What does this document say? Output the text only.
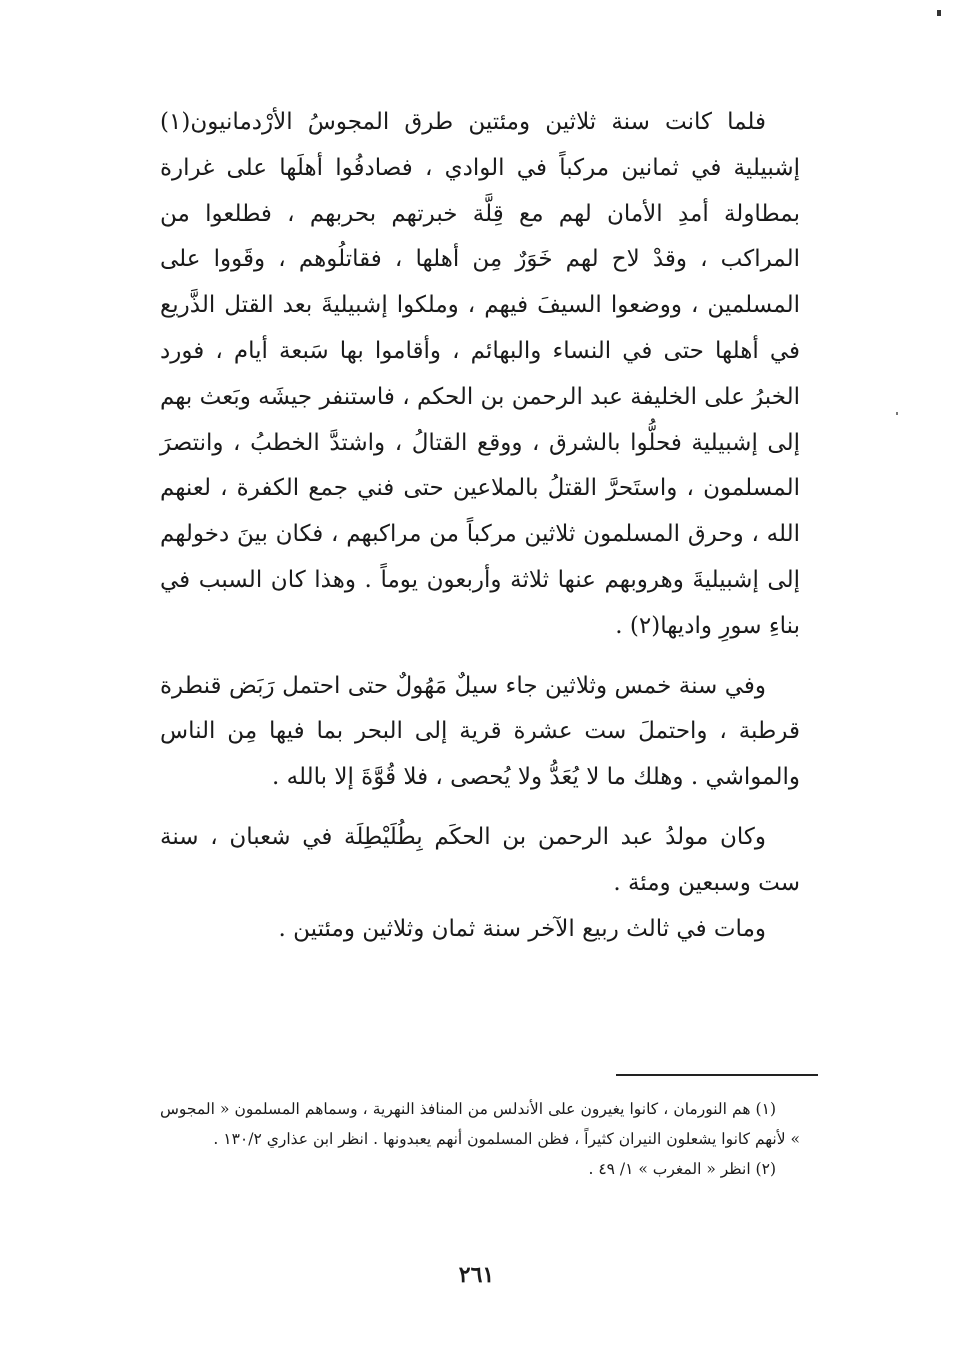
فلما كانت سنة ثلاثين ومئتين طرق المجوسُ الأرْدمانيون(١) إشبيلية في ثمانين مركباً في الوادي ، فصادفُوا أهلَها على غرارة بمطاولة أمدِ الأمان لهم مع قِلَّة خبرتهم بحربهم ، فطلعوا من المراكب ، وقدْ لاح لهم خَوَرٌ مِن أهلها ، فقاتلُوهم ، وقَووا على المسلمين ، ووضعوا السيفَ فيهم ، وملكوا إشبيليةَ بعد القتل الذَّريع في أهلها حتى في النساء والبهائم ، وأقاموا بها سَبعة أيام ، فورد الخبرُ على الخليفة عبد الرحمن بن الحكم ، فاستنفر جيشَه وبَعث بهم إلى إشبيلية فحلُّوا بالشرق ، ووقع القتالُ ، واشتدَّ الخطبُ ، وانتصرَ المسلمون ، واستَحرَّ القتلُ بالملاعين حتى فني جمع الكفرة ، لعنهم الله ، وحرق المسلمون ثلاثين مركباً من مراكبهم ، فكان بينَ دخولهم إلى إشبيليةَ وهروبهم عنها ثلاثة وأربعون يوماً . وهذا كان السبب في بناءِ سورِ واديها(٢) .

وفي سنة خمس وثلاثين جاء سيلٌ مَهُولٌ حتى احتمل رَبَض قنطرة قرطبة ، واحتملَ ست عشرة قرية إلى البحر بما فيها مِن الناس والمواشي . وهلك ما لا يُعَدُّ ولا يُحصى ، فلا قُوَّةَ إلا بالله .

وكان مولدُ عبد الرحمن بن الحكَم بِطُلَيْطِلَة في شعبان ، سنة ست وسبعين ومئة .

ومات في ثالث ربيع الآخر سنة ثمان وثلاثين ومئتين .

(١) هم النورمان ، كانوا يغيرون على الأندلس من المنافذ النهرية ، وسماهم المسلمون « المجوس » لأنهم كانوا يشعلون النيران كثيراً ، فظن المسلمون أنهم يعبدونها . انظر ابن عذاري ١٣٠/٢ .

(٢) انظر « المغرب » ١/ ٤٩ .

٢٦١
